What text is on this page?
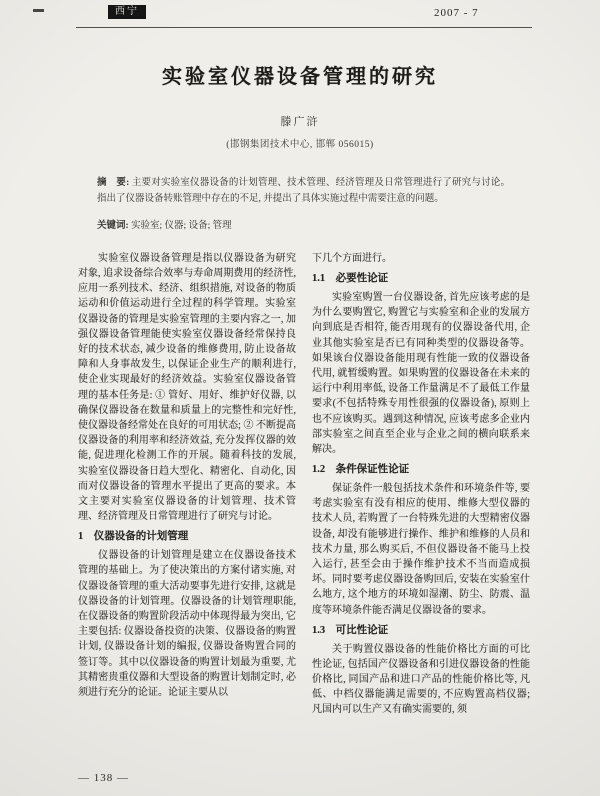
西宁	2007 - 7
实验室仪器设备管理的研究
滕广浒
(邯钢集团技术中心, 邯郸 056015)
摘　要: 主要对实验室仪器设备的计划管理、技术管理、经济管理及日常管理进行了研究与讨论。指出了仪器设备转账管理中存在的不足, 并提出了具体实施过程中需要注意的问题。
关键词: 实验室; 仪器; 设备; 管理

实验室仪器设备管理是指以仪器设备为研究对象, 追求设备综合效率与寿命周期费用的经济性, 应用一系列技术、经济、组织措施, 对设备的物质运动和价值运动进行全过程的科学管理。实验室仪器设备的管理是实验室管理的主要内容之一, 加强仪器设备管理能使实验室仪器设备经常保持良好的技术状态, 减少设备的维修费用, 防止设备故障和人身事故发生, 以保证企业生产的顺利进行, 使企业实现最好的经济效益。实验室仪器设备管理的基本任务是: ① 管好、用好、维护好仪器, 以确保仪器设备在数量和质量上的完整性和完好性, 使仪器设备经常处在良好的可用状态; ② 不断提高仪器设备的利用率和经济效益, 充分发挥仪器的效能, 促进理化检测工作的开展。随着科技的发展, 实验室仪器设备日趋大型化、精密化、自动化, 因而对仪器设备的管理水平提出了更高的要求。本文主要对实验室仪器设备的计划管理、技术管理、经济管理及日常管理进行了研究与讨论。

1　仪器设备的计划管理

仪器设备的计划管理是建立在仪器设备技术管理的基础上。为了使决策出的方案付诸实施, 对仪器设备管理的重大活动要事先进行安排, 这就是仪器设备的计划管理。仪器设备的计划管理职能, 在仪器设备的购置阶段活动中体现得最为突出, 它主要包括: 仪器设备投资的决策、仪器设备的购置计划, 仪器设备计划的编报, 仪器设备购置合同的签订等。其中以仪器设备的购置计划最为重要, 尤其精密贵重仪器和大型设备的购置计划制定时, 必须进行充分的论证。论证主要从以

下几个方面进行。

1.1　必要性论证

实验室购置一台仪器设备, 首先应该考虑的是为什么要购置它, 购置它与实验室和企业的发展方向到底是否相符, 能否用现有的仪器设备代用, 企业其他实验室是否已有同种类型的仪器设备等。如果该台仪器设备能用现有性能一致的仪器设备代用, 就暂缓购置。如果购置的仪器设备在未来的运行中利用率低, 设备工作量满足不了最低工作量要求(不包括特殊专用性很强的仪器设备), 原则上也不应该购买。遇到这种情况, 应该考虑多企业内部实验室之间直至企业与企业之间的横向联系来解决。

1.2　条件保证性论证

保证条件一般包括技术条件和环境条件等, 要考虑实验室有没有相应的使用、维修大型仪器的技术人员, 若购置了一台特殊先进的大型精密仪器设备, 却没有能够进行操作、维护和维修的人员和技术力量, 那么购买后, 不但仪器设备不能马上投入运行, 甚至会由于操作维护技术不当而造成损坏。同时要考虑仪器设备购回后, 安装在实验室什么地方, 这个地方的环境如湿潮、防尘、防震、温度等环境条件能否满足仪器设备的要求。

1.3　可比性论证

关于购置仪器设备的性能价格比方面的可比性论证, 包括国产仪器设备和引进仪器设备的性能价格比, 同国产品和进口产品的性能价格比等, 凡低、中档仪器能满足需要的, 不应购置高档仪器; 凡国内可以生产又有确实需要的, 须

— 138 —
